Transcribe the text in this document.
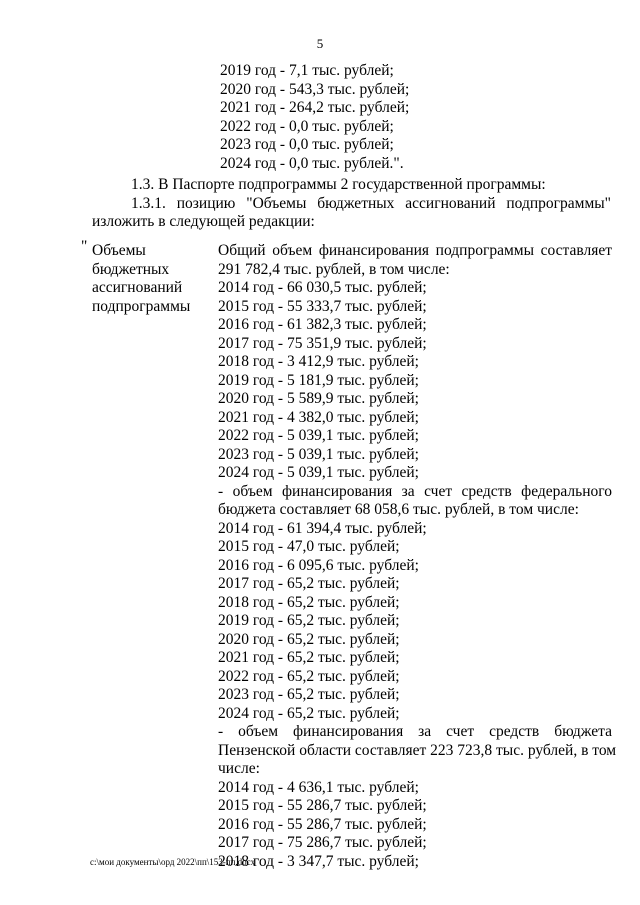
5
2019 год - 7,1 тыс. рублей;
2020 год - 543,3 тыс. рублей;
2021 год - 264,2 тыс. рублей;
2022 год - 0,0 тыс. рублей;
2023 год - 0,0 тыс. рублей;
2024 год - 0,0 тыс. рублей.".
1.3. В Паспорте подпрограммы 2 государственной программы:
1.3.1. позицию "Объемы бюджетных ассигнований подпрограммы"
изложить в следующей редакции:
" Объемы
бюджетных
ассигнований
подпрограммы
Общий объем финансирования подпрограммы составляет
291 782,4 тыс. рублей, в том числе:
2014 год - 66 030,5 тыс. рублей;
2015 год - 55 333,7 тыс. рублей;
2016 год - 61 382,3 тыс. рублей;
2017 год - 75 351,9 тыс. рублей;
2018 год - 3 412,9 тыс. рублей;
2019 год - 5 181,9 тыс. рублей;
2020 год - 5 589,9 тыс. рублей;
2021 год - 4 382,0 тыс. рублей;
2022 год - 5 039,1 тыс. рублей;
2023 год - 5 039,1 тыс. рублей;
2024 год - 5 039,1 тыс. рублей;
- объем финансирования за счет средств федерального
бюджета составляет 68 058,6 тыс. рублей, в том числе:
2014 год - 61 394,4 тыс. рублей;
2015 год - 47,0 тыс. рублей;
2016 год - 6 095,6 тыс. рублей;
2017 год - 65,2 тыс. рублей;
2018 год - 65,2 тыс. рублей;
2019 год - 65,2 тыс. рублей;
2020 год - 65,2 тыс. рублей;
2021 год - 65,2 тыс. рублей;
2022 год - 65,2 тыс. рублей;
2023 год - 65,2 тыс. рублей;
2024 год - 65,2 тыс. рублей;
- объем финансирования за счет средств бюджета
Пензенской области составляет 223 723,8 тыс. рублей, в том
числе:
2014 год - 4 636,1 тыс. рублей;
2015 год - 55 286,7 тыс. рублей;
2016 год - 55 286,7 тыс. рублей;
2017 год - 75 286,7 тыс. рублей;
2018 год - 3 347,7 тыс. рублей;
c:\мои документы\орд 2022\пп\153-пп.docx
